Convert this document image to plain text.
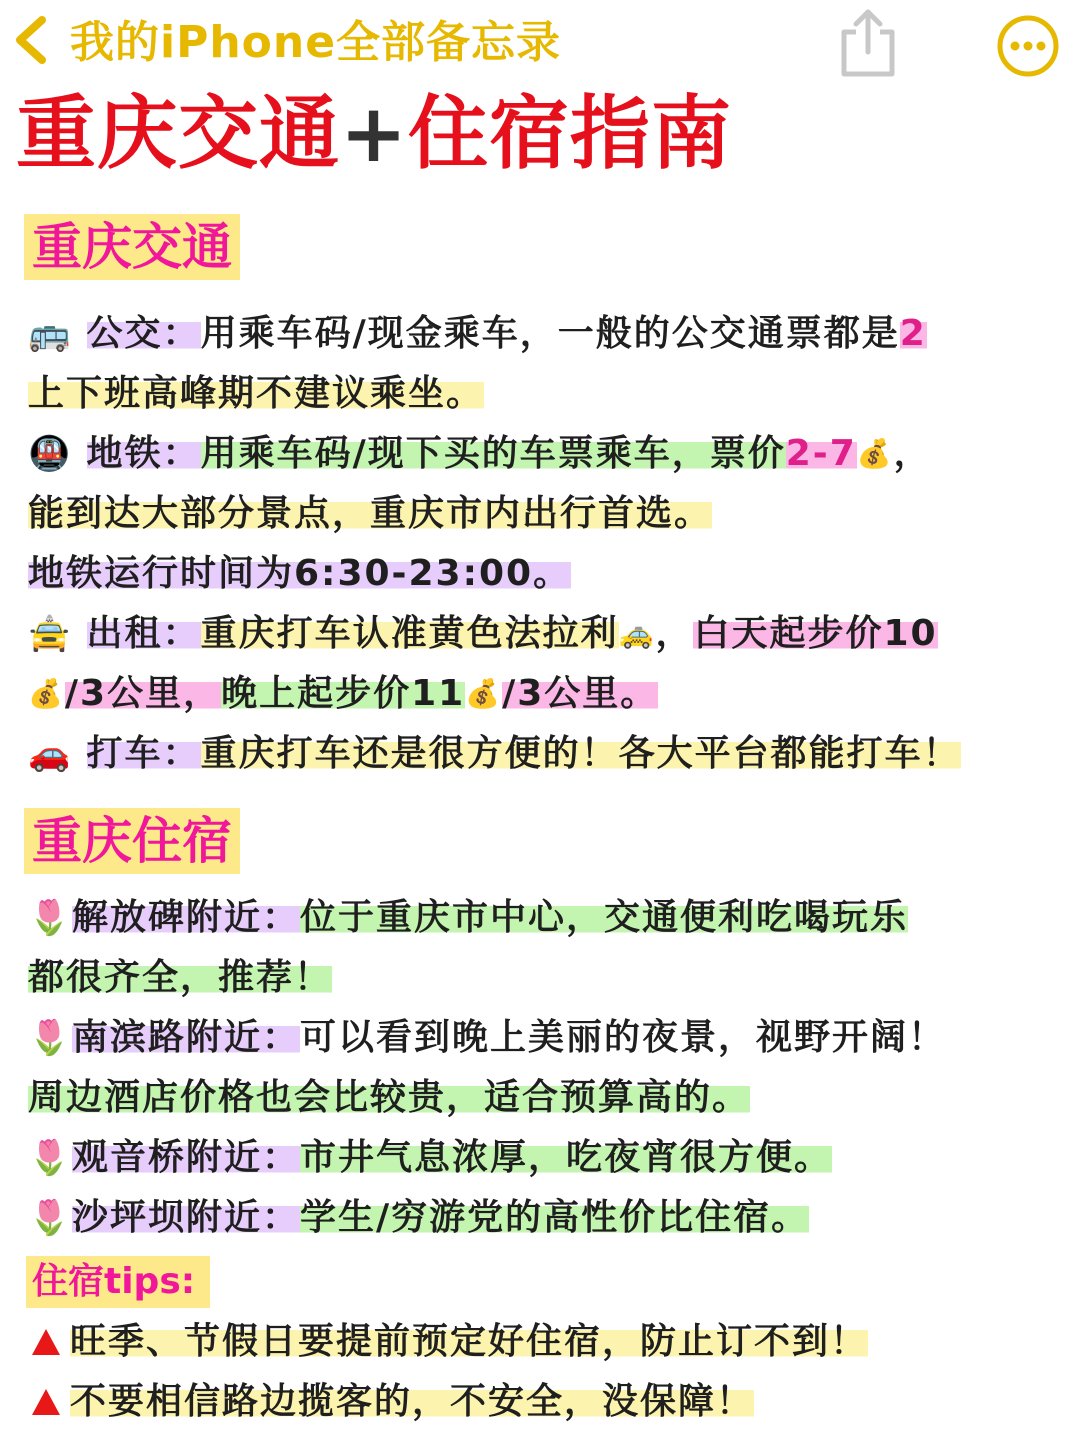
我的iPhone全部备忘录
重庆交通+住宿指南
重庆交通
🚌 公交：用乘车码/现金乘车，一般的公交通票都是2
上下班高峰期不建议乘坐。
🚇 地铁：用乘车码/现下买的车票乘车，票价2-7💰，
能到达大部分景点，重庆市内出行首选。
地铁运行时间为6:30-23:00。
🚖 出租：重庆打车认准黄色法拉利🚕，白天起步价10
💰/3公里，晚上起步价11💰/3公里。
🚗 打车：重庆打车还是很方便的！各大平台都能打车！
重庆住宿
🌷解放碑附近：位于重庆市中心，交通便利吃喝玩乐
都很齐全，推荐！
🌷南滨路附近：可以看到晚上美丽的夜景，视野开阔！
周边酒店价格也会比较贵，适合预算高的。
🌷观音桥附近：市井气息浓厚，吃夜宵很方便。
🌷沙坪坝附近：学生/穷游党的高性价比住宿。
住宿tips:
旺季、节假日要提前预定好住宿，防止订不到！
不要相信路边揽客的，不安全，没保障！
